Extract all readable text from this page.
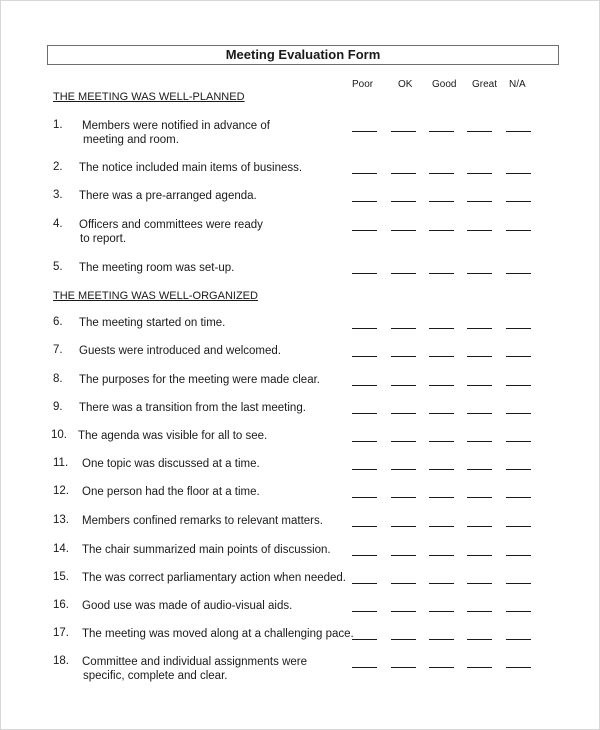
Meeting Evaluation Form
Poor OK Good Great N/A
THE MEETING WAS WELL-PLANNED
THE MEETING WAS WELL-ORGANIZED
1. Members were notified in advance of
meeting and room.
2. The notice included main items of business.
3. There was a pre-arranged agenda.
4. Officers and committees were ready
to report.
5. The meeting room was set-up.
6. The meeting started on time.
7. Guests were introduced and welcomed.
8. The purposes for the meeting were made clear.
9. There was a transition from the last meeting.
10. The agenda was visible for all to see.
11. One topic was discussed at a time.
12. One person had the floor at a time.
13. Members confined remarks to relevant matters.
14. The chair summarized main points of discussion.
15. The was correct parliamentary action when needed.
16. Good use was made of audio-visual aids.
17. The meeting was moved along at a challenging pace.
18. Committee and individual assignments were
specific, complete and clear.
